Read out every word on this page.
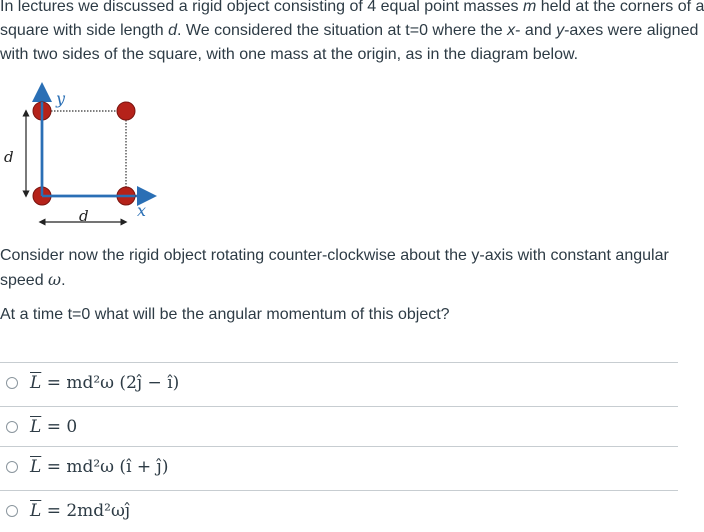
In lectures we discussed a rigid object consisting of 4 equal point masses m held at the corners of a
square with side length d. We considered the situation at t=0 where the x- and y-axes were aligned
with two sides of the square, with one mass at the origin, as in the diagram below.

y
x
d
d

Consider now the rigid object rotating counter-clockwise about the y-axis with constant angular
speed ω.

At a time t=0 what will be the angular momentum of this object?

$\overline{L} = md^2\omega$ (2ĵ − î)
$\overline{L} = 0$
$\overline{L} = md^2\omega$ (î + ĵ)
$\overline{L}$ = 2md²ωĵ
